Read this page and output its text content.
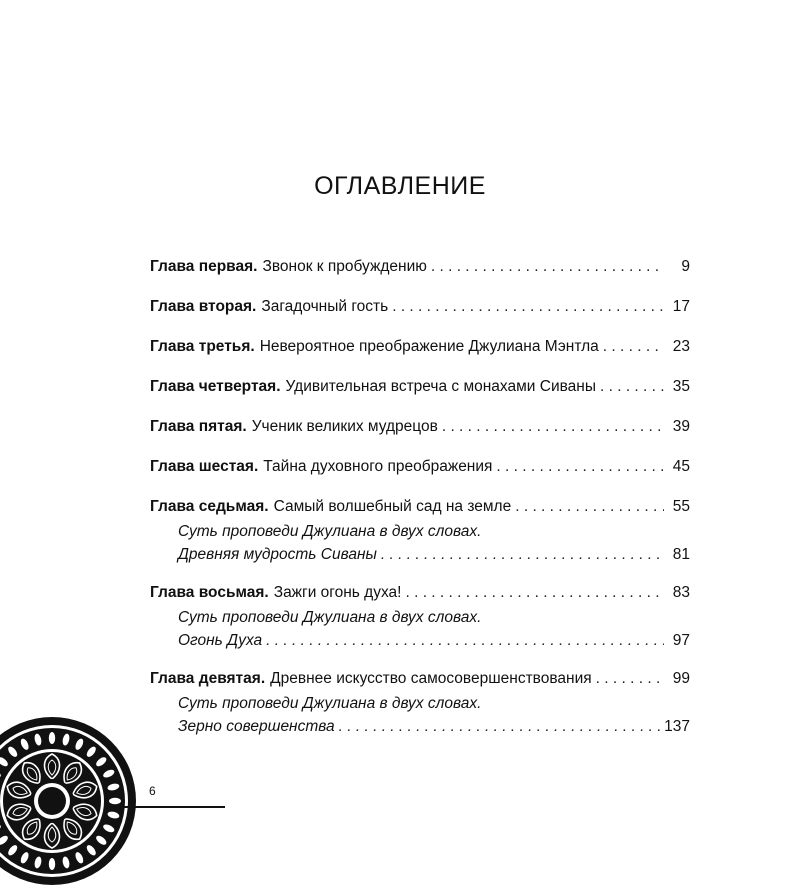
ОГЛАВЛЕНИЕ
Глава первая. Звонок к пробуждению . . .	9
Глава вторая. Загадочный гость . . .	17
Глава третья. Невероятное преображение Джулиана Мэнтла . . .	23
Глава четвертая. Удивительная встреча с монахами Сиваны . . .	35
Глава пятая. Ученик великих мудрецов . . .	39
Глава шестая. Тайна духовного преображения . . .	45
Глава седьмая. Самый волшебный сад на земле . . .	55
Суть проповеди Джулиана в двух словах.
Древняя мудрость Сиваны . . .	81
Глава восьмая. Зажги огонь духа! . . .	83
Суть проповеди Джулиана в двух словах.
Огонь Духа . . .	97
Глава девятая. Древнее искусство самосовершенствования . . .	99
Суть проповеди Джулиана в двух словах.
Зерно совершенства . . .	137
6
